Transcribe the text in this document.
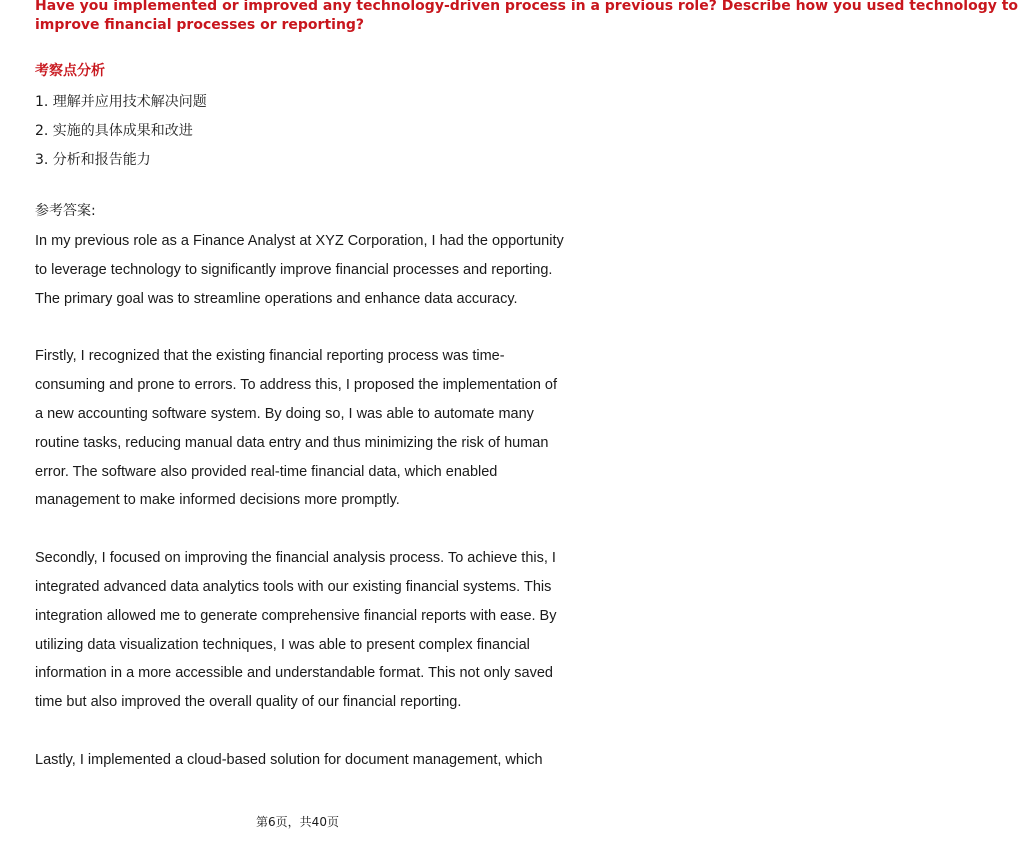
Have you implemented or improved any technology-driven process in a previous role? Describe how you used technology to
improve financial processes or reporting?
考察点分析
1. 理解并应用技术解决问题
2. 实施的具体成果和改进
3. 分析和报告能力
参考答案:

In my previous role as a Finance Analyst at XYZ Corporation, I had the opportunity to leverage technology to significantly improve financial processes and reporting. The primary goal was to streamline operations and enhance data accuracy.

Firstly, I recognized that the existing financial reporting process was time-consuming and prone to errors. To address this, I proposed the implementation of a new accounting software system. By doing so, I was able to automate many routine tasks, reducing manual data entry and thus minimizing the risk of human error. The software also provided real-time financial data, which enabled management to make informed decisions more promptly.

Secondly, I focused on improving the financial analysis process. To achieve this, I integrated advanced data analytics tools with our existing financial systems. This integration allowed me to generate comprehensive financial reports with ease. By utilizing data visualization techniques, I was able to present complex financial information in a more accessible and understandable format. This not only saved time but also improved the overall quality of our financial reporting.

Lastly, I implemented a cloud-based solution for document management, which

第6页，共40页
